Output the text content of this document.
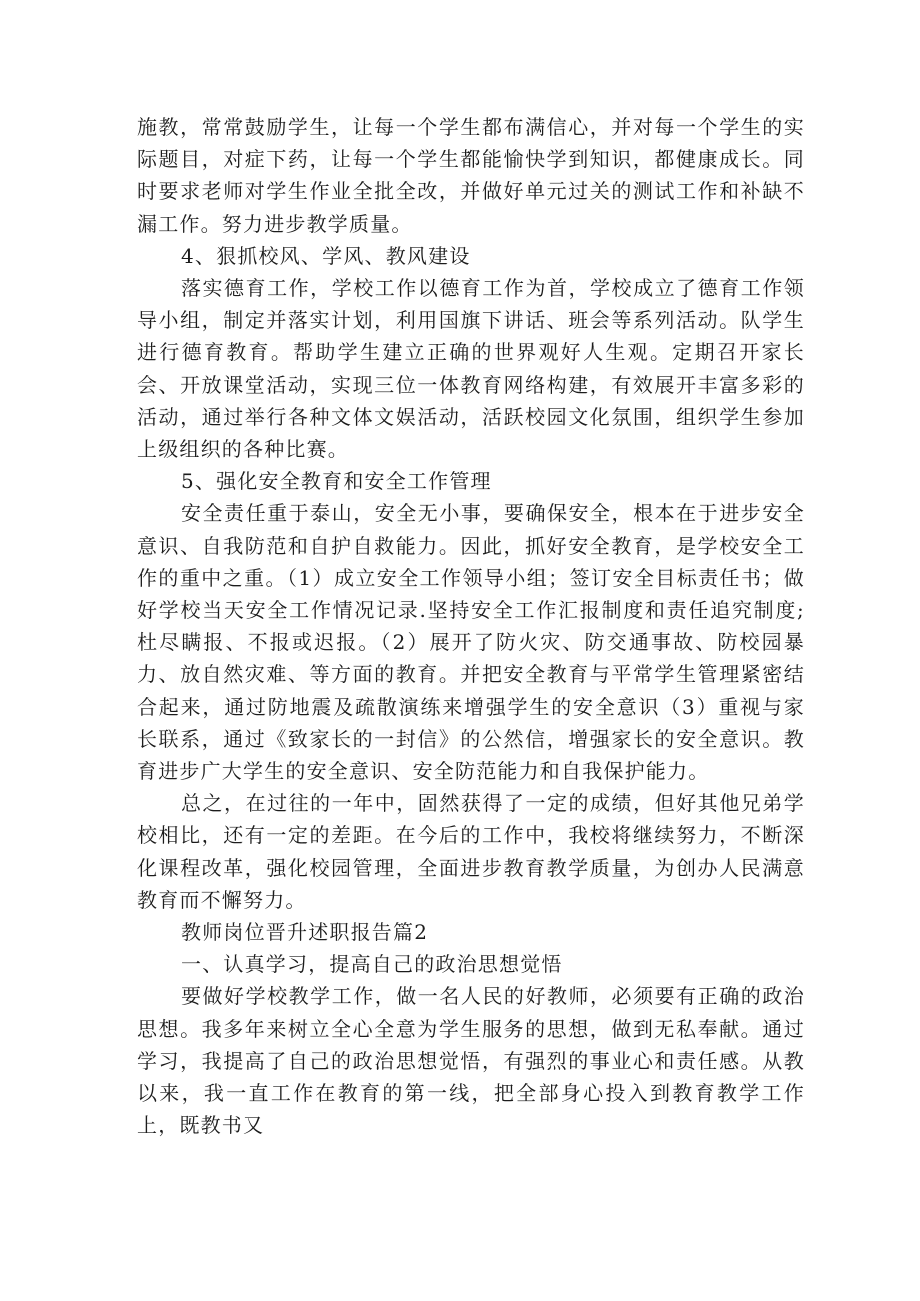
施教，常常鼓励学生，让每一个学生都布满信心，并对每一个学生的实际题目，对症下药，让每一个学生都能愉快学到知识，都健康成长。同时要求老师对学生作业全批全改，并做好单元过关的测试工作和补缺不漏工作。努力进步教学质量。

4、狠抓校风、学风、教风建设

落实德育工作，学校工作以德育工作为首，学校成立了德育工作领导小组，制定并落实计划，利用国旗下讲话、班会等系列活动。队学生进行德育教育。帮助学生建立正确的世界观好人生观。定期召开家长会、开放课堂活动，实现三位一体教育网络构建，有效展开丰富多彩的活动，通过举行各种文体文娱活动，活跃校园文化氛围，组织学生参加上级组织的各种比赛。

5、强化安全教育和安全工作管理

安全责任重于泰山，安全无小事，要确保安全，根本在于进步安全意识、自我防范和自护自救能力。因此，抓好安全教育，是学校安全工作的重中之重。（1）成立安全工作领导小组；签订安全目标责任书；做好学校当天安全工作情况记录.坚持安全工作汇报制度和责任追究制度;杜尽瞒报、不报或迟报。（2）展开了防火灾、防交通事故、防校园暴力、放自然灾难、等方面的教育。并把安全教育与平常学生管理紧密结合起来，通过防地震及疏散演练来增强学生的安全意识（3）重视与家长联系，通过《致家长的一封信》的公然信，增强家长的安全意识。教育进步广大学生的安全意识、安全防范能力和自我保护能力。

总之，在过往的一年中，固然获得了一定的成绩，但好其他兄弟学校相比，还有一定的差距。在今后的工作中，我校将继续努力，不断深化课程改革，强化校园管理，全面进步教育教学质量，为创办人民满意教育而不懈努力。

教师岗位晋升述职报告篇2

一、认真学习，提高自己的政治思想觉悟

要做好学校教学工作，做一名人民的好教师，必须要有正确的政治思想。我多年来树立全心全意为学生服务的思想，做到无私奉献。通过学习，我提高了自己的政治思想觉悟，有强烈的事业心和责任感。从教以来，我一直工作在教育的第一线，把全部身心投入到教育教学工作上，既教书又
